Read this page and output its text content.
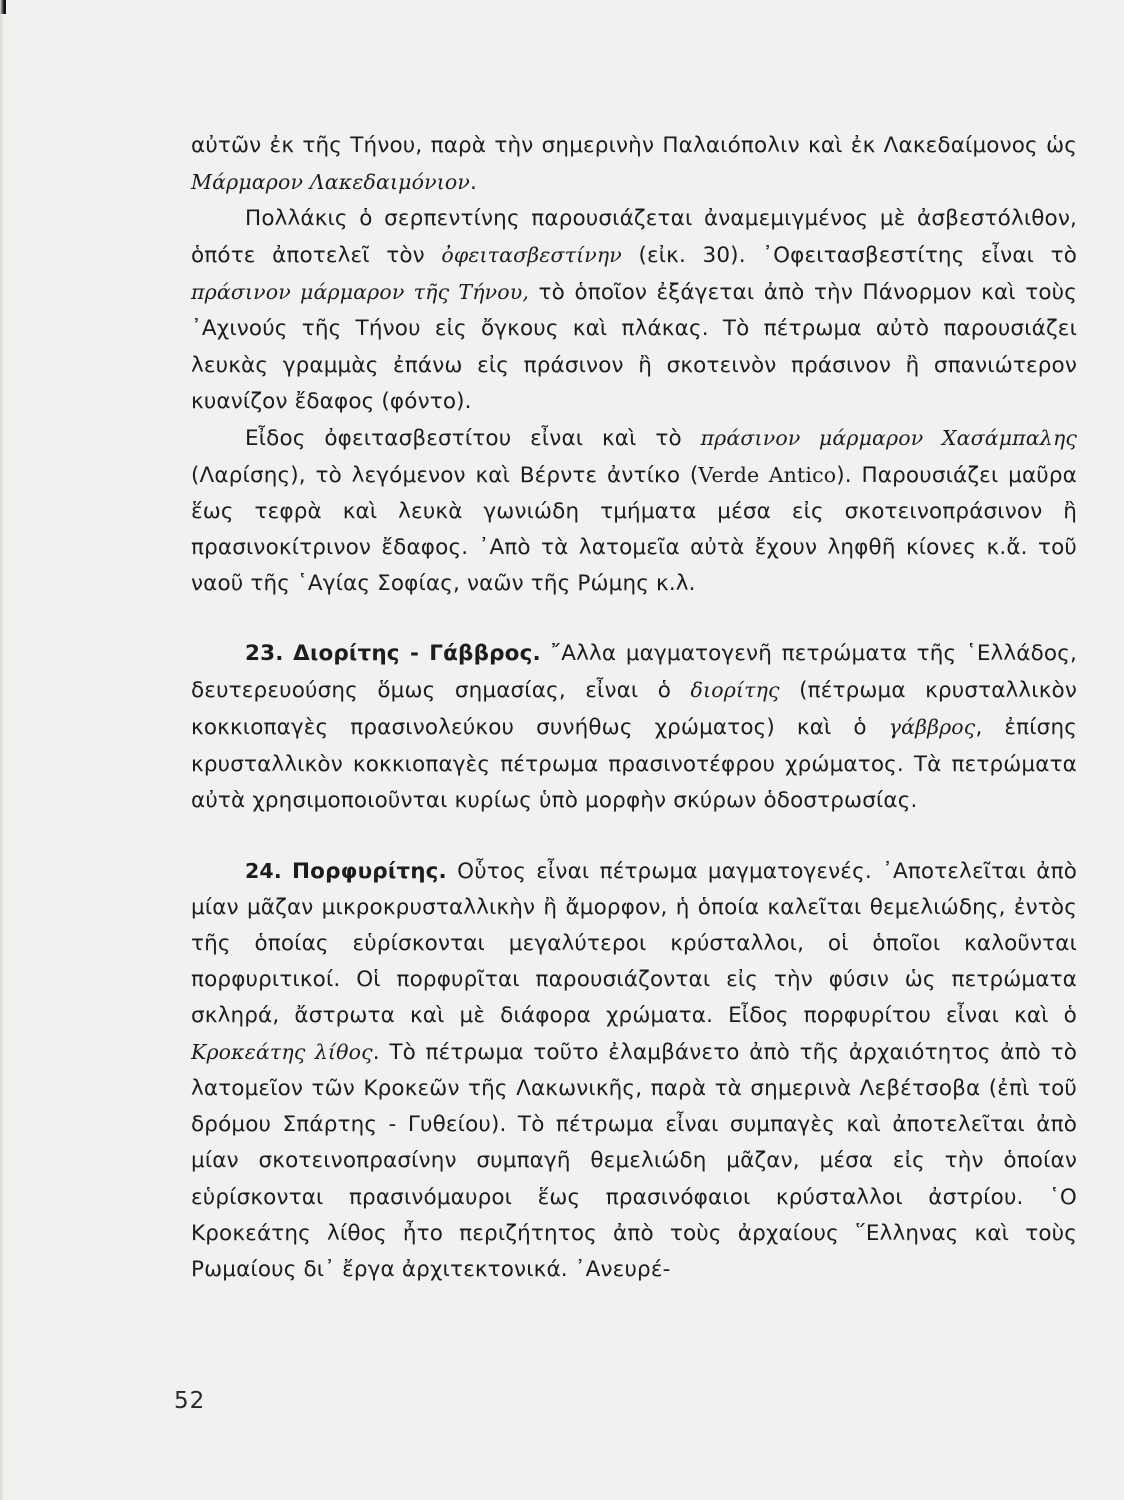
αὐτῶν ἐκ τῆς Τήνου, παρὰ τὴν σημερινὴν Παλαιόπολιν καὶ ἐκ Λακεδαίμονος ὡς Μάρμαρον Λακεδαιμόνιον.

Πολλάκις ὁ σερπεντίνης παρουσιάζεται ἀναμεμιγμένος μὲ ἀσβεστόλιθον, ὁπότε ἀποτελεῖ τὸν ὀφειτασβεστίνην (εἰκ. 30). ᾿Οφειτασβεστίτης εἶναι τὸ πράσινον μάρμαρον τῆς Τήνου, τὸ ὁποῖον ἐξάγεται ἀπὸ τὴν Πάνορμον καὶ τοὺς ᾿Αχινούς τῆς Τήνου εἰς ὄγκους καὶ πλάκας. Τὸ πέτρωμα αὐτὸ παρουσιάζει λευκὰς γραμμὰς ἐπάνω εἰς πράσινον ἢ σκοτεινὸν πράσινον ἢ σπανιώτερον κυανίζον ἔδαφος (φόντο).

Εἶδος ὀφειτασβεστίτου εἶναι καὶ τὸ πράσινον μάρμαρον Χασάμπαλης (Λαρίσης), τὸ λεγόμενον καὶ Βέρντε ἀντίκο (Verde Antico). Παρουσιάζει μαῦρα ἕως τεφρὰ καὶ λευκὰ γωνιώδη τμήματα μέσα εἰς σκοτεινοπράσινον ἢ πρασινοκίτρινον ἔδαφος. ᾿Απὸ τὰ λατομεῖα αὐτὰ ἔχουν ληφθῆ κίονες κ.ἄ. τοῦ ναοῦ τῆς ῾Αγίας Σοφίας, ναῶν τῆς Ρώμης κ.λ.

23. Διορίτης - Γάββρος. ῎Αλλα μαγματογενῆ πετρώματα τῆς ῾Ελλάδος, δευτερευούσης ὅμως σημασίας, εἶναι ὁ διορίτης (πέτρωμα κρυσταλλικὸν κοκκιοπαγὲς πρασινολεύκου συνήθως χρώματος) καὶ ὁ γάββρος, ἐπίσης κρυσταλλικὸν κοκκιοπαγὲς πέτρωμα πρασινοτέφρου χρώματος. Τὰ πετρώματα αὐτὰ χρησιμοποιοῦνται κυρίως ὑπὸ μορφὴν σκύρων ὁδοστρωσίας.

24. Πορφυρίτης. Οὗτος εἶναι πέτρωμα μαγματογενές. ᾿Αποτελεῖται ἀπὸ μίαν μᾶζαν μικροκρυσταλλικὴν ἢ ἄμορφον, ἡ ὁποία καλεῖται θεμελιώδης, ἐντὸς τῆς ὁποίας εὑρίσκονται μεγαλύτεροι κρύσταλλοι, οἱ ὁποῖοι καλοῦνται πορφυριτικοί. Οἱ πορφυρῖται παρουσιάζονται εἰς τὴν φύσιν ὡς πετρώματα σκληρά, ἄστρωτα καὶ μὲ διάφορα χρώματα. Εἶδος πορφυρίτου εἶναι καὶ ὁ Κροκεάτης λίθος. Τὸ πέτρωμα τοῦτο ἐλαμβάνετο ἀπὸ τῆς ἀρχαιότητος ἀπὸ τὸ λατομεῖον τῶν Κροκεῶν τῆς Λακωνικῆς, παρὰ τὰ σημερινὰ Λεβέτσοβα (ἐπὶ τοῦ δρόμου Σπάρτης - Γυθείου). Τὸ πέτρωμα εἶναι συμπαγὲς καὶ ἀποτελεῖται ἀπὸ μίαν σκοτεινοπρασίνην συμπαγῆ θεμελιώδη μᾶζαν, μέσα εἰς τὴν ὁποίαν εὑρίσκονται πρασινόμαυροι ἕως πρασινόφαιοι κρύσταλλοι ἀστρίου. ῾Ο Κροκεάτης λίθος ἦτο περιζήτητος ἀπὸ τοὺς ἀρχαίους ῞Ελληνας καὶ τοὺς Ρωμαίους δι᾿ ἔργα ἀρχιτεκτονικά. ᾿Ανευρέ-

52
